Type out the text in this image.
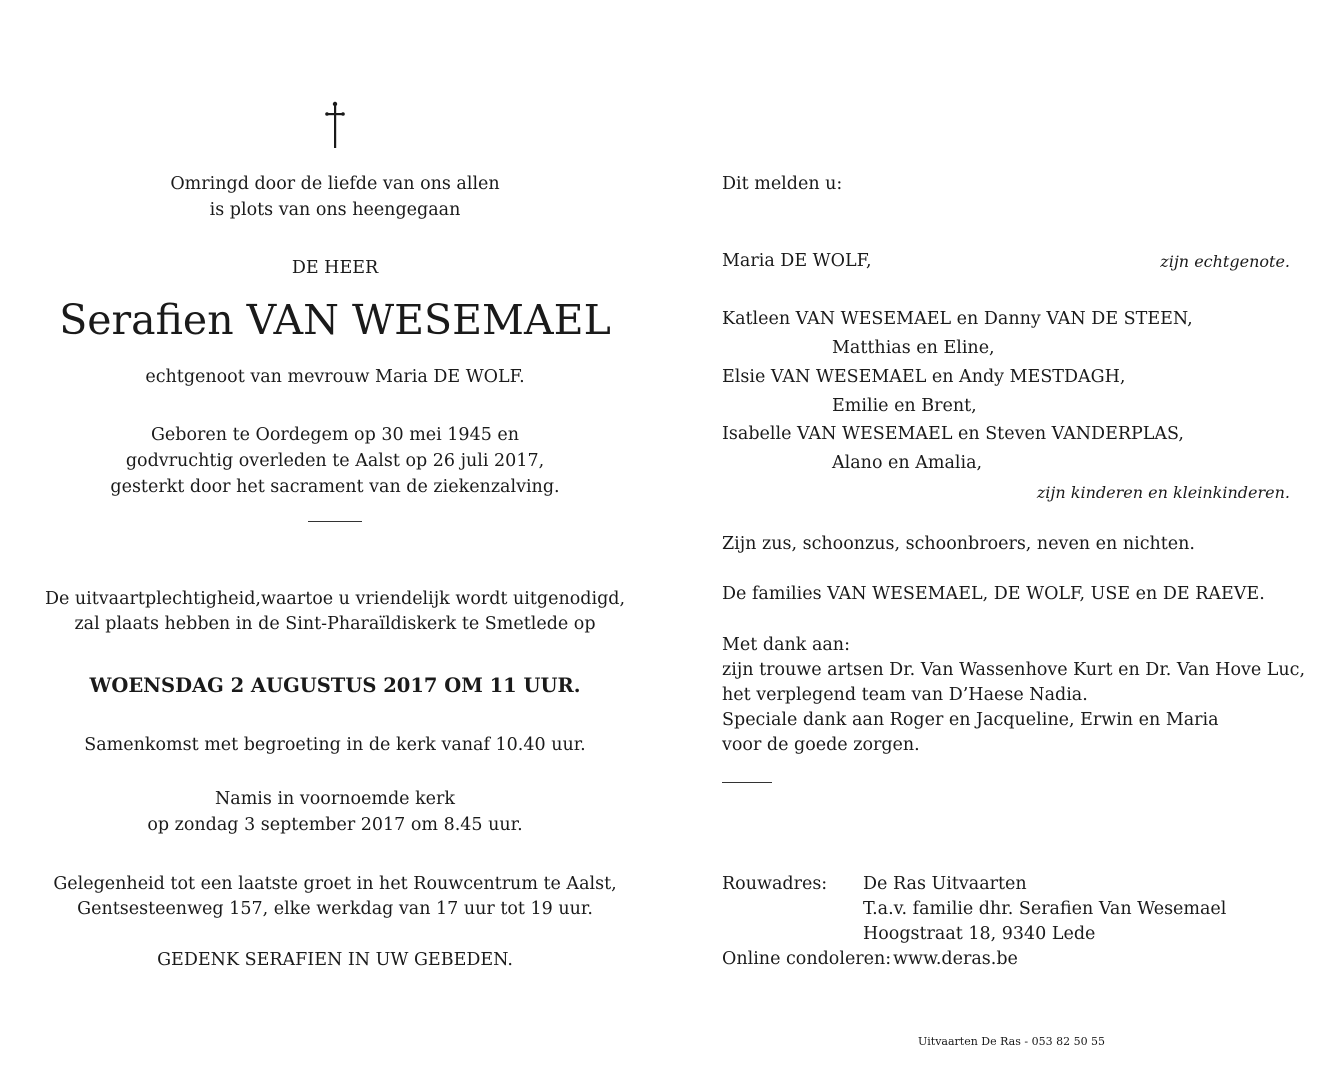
Omringd door de liefde van ons allen
is plots van ons heengegaan
DE HEER
Serafien VAN WESEMAEL
echtgenoot van mevrouw Maria DE WOLF.
Geboren te Oordegem op 30 mei 1945 en
godvruchtig overleden te Aalst op 26 juli 2017,
gesterkt door het sacrament van de ziekenzalving.
De uitvaartplechtigheid,waartoe u vriendelijk wordt uitgenodigd,
zal plaats hebben in de Sint-Pharaïldiskerk te Smetlede op
WOENSDAG 2 AUGUSTUS 2017 OM 11 UUR.
Samenkomst met begroeting in de kerk vanaf 10.40 uur.
Namis in voornoemde kerk
op zondag 3 september 2017 om 8.45 uur.
Gelegenheid tot een laatste groet in het Rouwcentrum te Aalst,
Gentsesteenweg 157, elke werkdag van 17 uur tot 19 uur.
GEDENK SERAFIEN IN UW GEBEDEN.
Dit melden u:
Maria DE WOLF,	zijn echtgenote.
Katleen VAN WESEMAEL en Danny VAN DE STEEN,
Matthias en Eline,
Elsie VAN WESEMAEL en Andy MESTDAGH,
Emilie en Brent,
Isabelle VAN WESEMAEL en Steven VANDERPLAS,
Alano en Amalia,
zijn kinderen en kleinkinderen.
Zijn zus, schoonzus, schoonbroers, neven en nichten.
De families VAN WESEMAEL, DE WOLF, USE en DE RAEVE.
Met dank aan:
zijn trouwe artsen Dr. Van Wassenhove Kurt en Dr. Van Hove Luc,
het verplegend team van D’Haese Nadia.
Speciale dank aan Roger en Jacqueline, Erwin en Maria
voor de goede zorgen.
Rouwadres: De Ras Uitvaarten
T.a.v. familie dhr. Serafien Van Wesemael
Hoogstraat 18, 9340 Lede
Online condoleren: www.deras.be
Uitvaarten De Ras - 053 82 50 55
